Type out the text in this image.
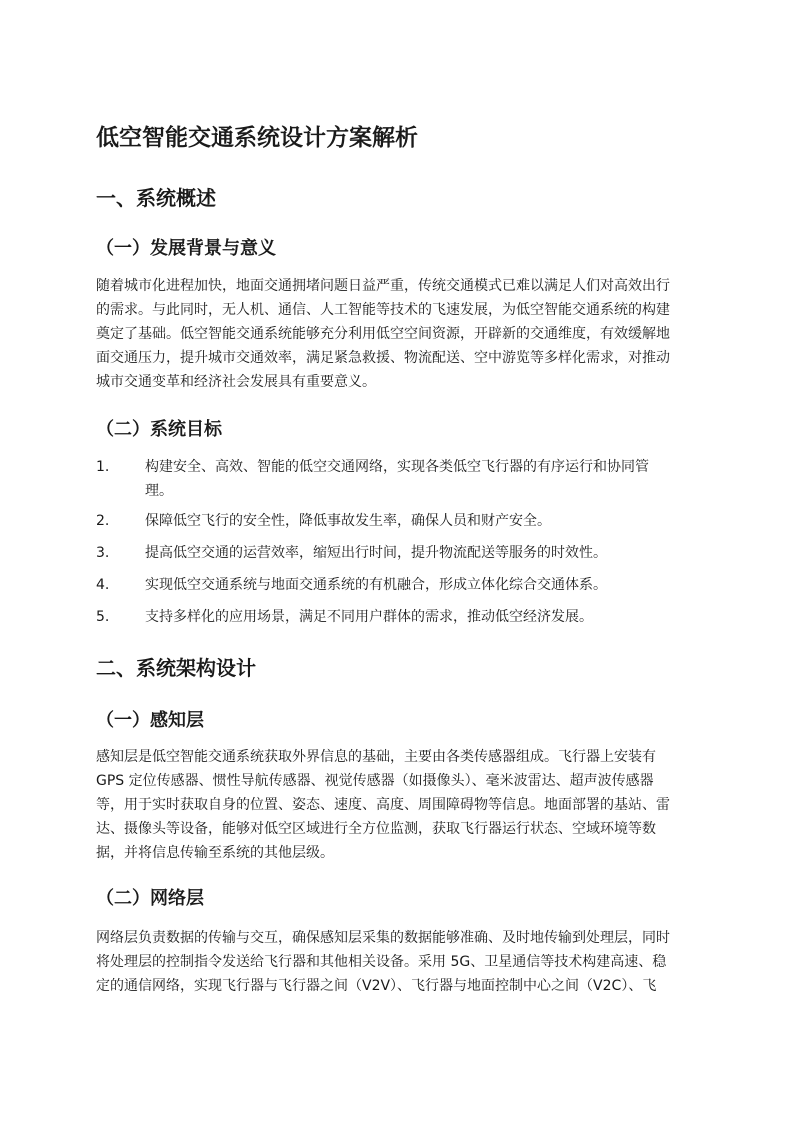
低空智能交通系统设计方案解析
一、系统概述
（一）发展背景与意义
随着城市化进程加快，地面交通拥堵问题日益严重，传统交通模式已难以满足人们对高效出行
的需求。与此同时，无人机、通信、人工智能等技术的飞速发展，为低空智能交通系统的构建
奠定了基础。低空智能交通系统能够充分利用低空空间资源，开辟新的交通维度，有效缓解地
面交通压力，提升城市交通效率，满足紧急救援、物流配送、空中游览等多样化需求，对推动
城市交通变革和经济社会发展具有重要意义。
（二）系统目标
1.	构建安全、高效、智能的低空交通网络，实现各类低空飞行器的有序运行和协同管
理。
2.	保障低空飞行的安全性，降低事故发生率，确保人员和财产安全。
3.	提高低空交通的运营效率，缩短出行时间，提升物流配送等服务的时效性。
4.	实现低空交通系统与地面交通系统的有机融合，形成立体化综合交通体系。
5.	支持多样化的应用场景，满足不同用户群体的需求，推动低空经济发展。
二、系统架构设计
（一）感知层
感知层是低空智能交通系统获取外界信息的基础，主要由各类传感器组成。飞行器上安装有
GPS 定位传感器、惯性导航传感器、视觉传感器（如摄像头）、毫米波雷达、超声波传感器
等，用于实时获取自身的位置、姿态、速度、高度、周围障碍物等信息。地面部署的基站、雷
达、摄像头等设备，能够对低空区域进行全方位监测，获取飞行器运行状态、空域环境等数
据，并将信息传输至系统的其他层级。
（二）网络层
网络层负责数据的传输与交互，确保感知层采集的数据能够准确、及时地传输到处理层，同时
将处理层的控制指令发送给飞行器和其他相关设备。采用 5G、卫星通信等技术构建高速、稳
定的通信网络，实现飞行器与飞行器之间（V2V）、飞行器与地面控制中心之间（V2C）、飞
